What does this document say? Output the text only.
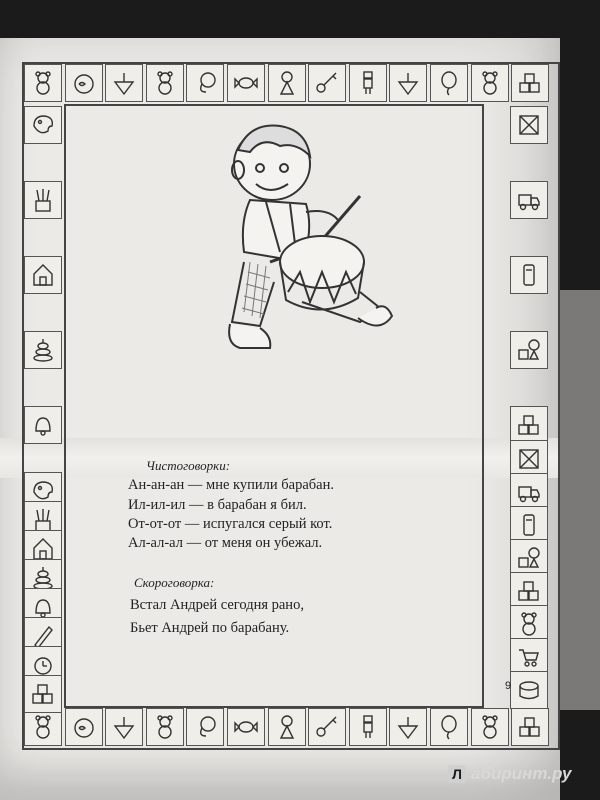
Чистоговорки:
Ан-ан-ан — мне купили барабан.
Ил-ил-ил — в барабан я бил.
От-от-от — испугался серый кот.
Ал-ал-ал — от меня он убежал.
Скороговорка:
Встал Андрей сегодня рано,
Бьет Андрей по барабану.
9
Л абиринт.ру
